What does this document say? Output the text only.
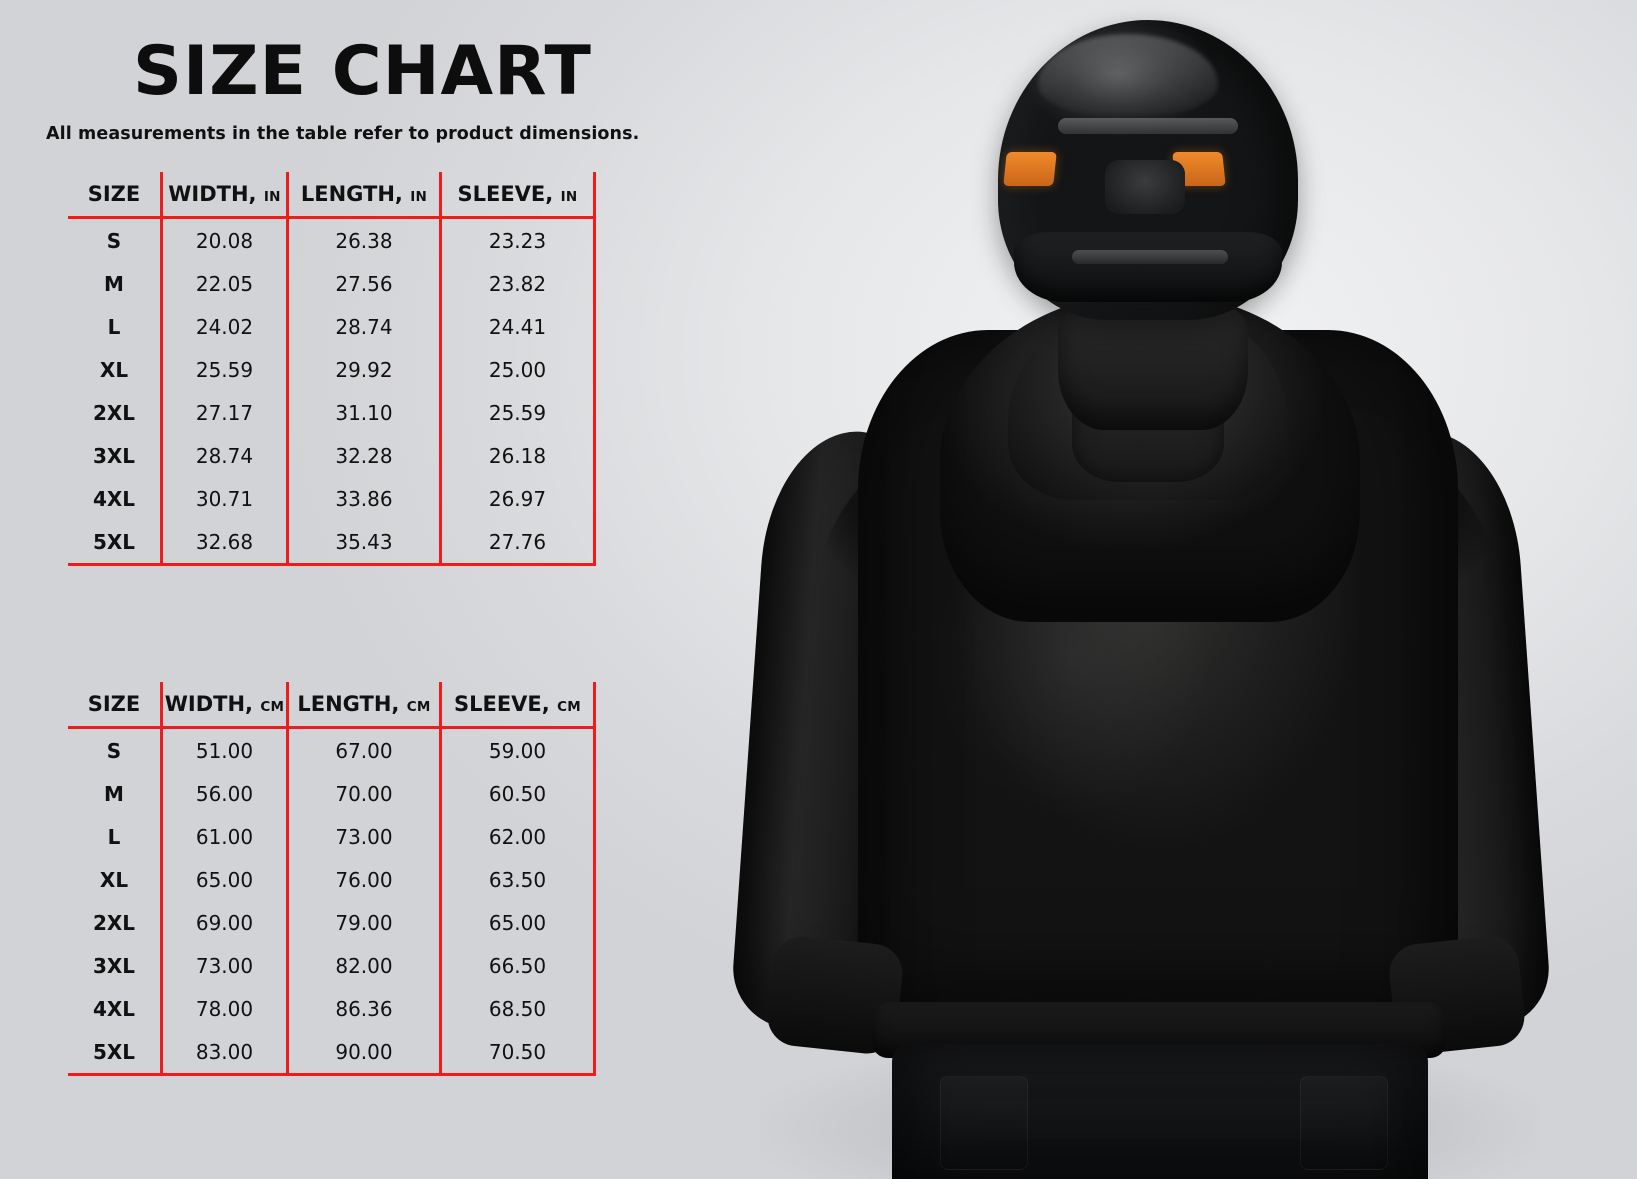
SIZE CHART
All measurements in the table refer to product dimensions.
SIZE	WIDTH, IN	LENGTH, IN	SLEEVE, IN
S	20.08	26.38	23.23
M	22.05	27.56	23.82
L	24.02	28.74	24.41
XL	25.59	29.92	25.00
2XL	27.17	31.10	25.59
3XL	28.74	32.28	26.18
4XL	30.71	33.86	26.97
5XL	32.68	35.43	27.76
SIZE	WIDTH, CM	LENGTH, CM	SLEEVE, CM
S	51.00	67.00	59.00
M	56.00	70.00	60.50
L	61.00	73.00	62.00
XL	65.00	76.00	63.50
2XL	69.00	79.00	65.00
3XL	73.00	82.00	66.50
4XL	78.00	86.36	68.50
5XL	83.00	90.00	70.50
